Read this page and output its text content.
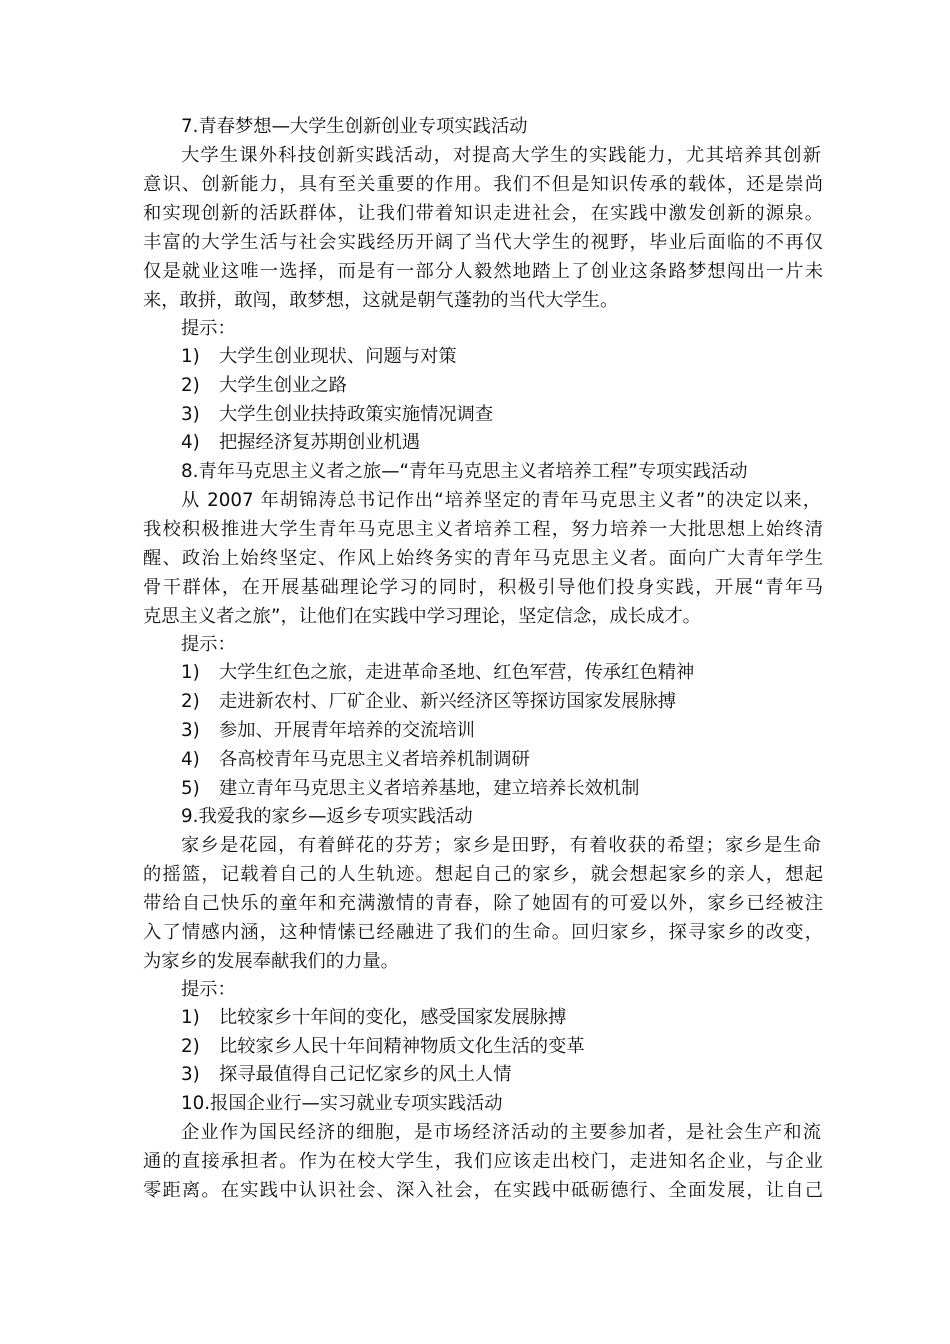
7.青春梦想—大学生创新创业专项实践活动
大学生课外科技创新实践活动，对提高大学生的实践能力，尤其培养其创新
意识、创新能力，具有至关重要的作用。我们不但是知识传承的载体，还是崇尚
和实现创新的活跃群体，让我们带着知识走进社会，在实践中激发创新的源泉。
丰富的大学生活与社会实践经历开阔了当代大学生的视野，毕业后面临的不再仅
仅是就业这唯一选择，而是有一部分人毅然地踏上了创业这条路梦想闯出一片未
来，敢拼，敢闯，敢梦想，这就是朝气蓬勃的当代大学生。
提示：
1) 大学生创业现状、问题与对策
2) 大学生创业之路
3) 大学生创业扶持政策实施情况调查
4) 把握经济复苏期创业机遇
8.青年马克思主义者之旅—“青年马克思主义者培养工程”专项实践活动
从 2007 年胡锦涛总书记作出“培养坚定的青年马克思主义者”的决定以来，
我校积极推进大学生青年马克思主义者培养工程，努力培养一大批思想上始终清
醒、政治上始终坚定、作风上始终务实的青年马克思主义者。面向广大青年学生
骨干群体，在开展基础理论学习的同时，积极引导他们投身实践，开展“青年马
克思主义者之旅”，让他们在实践中学习理论，坚定信念，成长成才。
提示：
1) 大学生红色之旅，走进革命圣地、红色军营，传承红色精神
2) 走进新农村、厂矿企业、新兴经济区等探访国家发展脉搏
3) 参加、开展青年培养的交流培训
4) 各高校青年马克思主义者培养机制调研
5) 建立青年马克思主义者培养基地，建立培养长效机制
9.我爱我的家乡—返乡专项实践活动
家乡是花园，有着鲜花的芬芳；家乡是田野，有着收获的希望；家乡是生命
的摇篮，记载着自己的人生轨迹。想起自己的家乡，就会想起家乡的亲人，想起
带给自己快乐的童年和充满激情的青春，除了她固有的可爱以外，家乡已经被注
入了情感内涵，这种情愫已经融进了我们的生命。回归家乡，探寻家乡的改变，
为家乡的发展奉献我们的力量。
提示：
1) 比较家乡十年间的变化，感受国家发展脉搏
2) 比较家乡人民十年间精神物质文化生活的变革
3) 探寻最值得自己记忆家乡的风土人情
10.报国企业行—实习就业专项实践活动
企业作为国民经济的细胞，是市场经济活动的主要参加者，是社会生产和流
通的直接承担者。作为在校大学生，我们应该走出校门，走进知名企业，与企业
零距离。在实践中认识社会、深入社会，在实践中砥砺德行、全面发展，让自己
